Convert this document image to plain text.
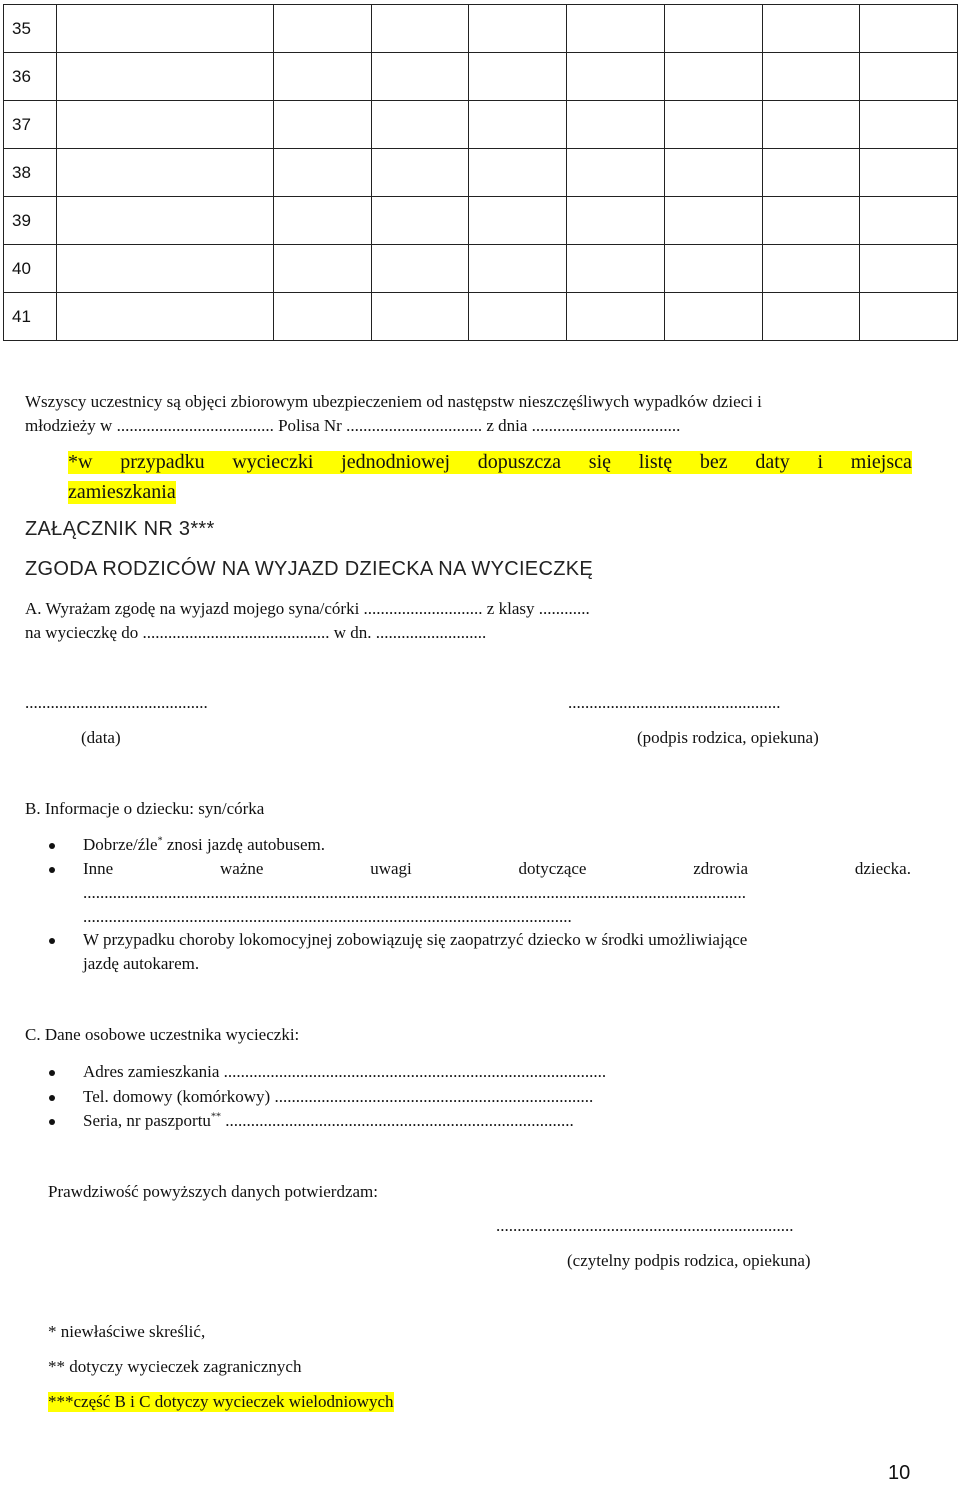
35								
36								
37								
38								
39								
40								
41								
Wszyscy uczestnicy są objęci zbiorowym ubezpieczeniem od następstw nieszczęśliwych wypadków dzieci i
młodzieży w ..................................... Polisa Nr ................................ z dnia ...................................
*w przypadku wycieczki jednodniowej dopuszcza się listę bez daty i miejsca
zamieszkania
ZAŁĄCZNIK NR 3***
ZGODA RODZICÓW NA WYJAZD DZIECKA NA WYCIECZKĘ
A. Wyrażam zgodę na wyjazd mojego syna/córki ............................ z klasy ............
na wycieczkę do ............................................ w dn. ..........................
...........................................	..................................................
(data)	(podpis rodzica, opiekuna)
B. Informacje o dziecku: syn/córka
Dobrze/źle* znosi jazdę autobusem.
Inne	ważne	uwagi	dotyczące	zdrowia	dziecka.
............................................................................................................................................................
...................................................................................................................
W przypadku choroby lokomocyjnej zobowiązuję się zaopatrzyć dziecko w środki umożliwiające
jazdę autokarem.
C. Dane osobowe uczestnika wycieczki:
Adres zamieszkania ..........................................................................................
Tel. domowy (komórkowy) ...........................................................................
Seria, nr paszportu** ..................................................................................
Prawdziwość powyższych danych potwierdzam:
......................................................................
(czytelny podpis rodzica, opiekuna)
* niewłaściwe skreślić,
** dotyczy wycieczek zagranicznych
***część B i C dotyczy wycieczek wielodniowych
10
